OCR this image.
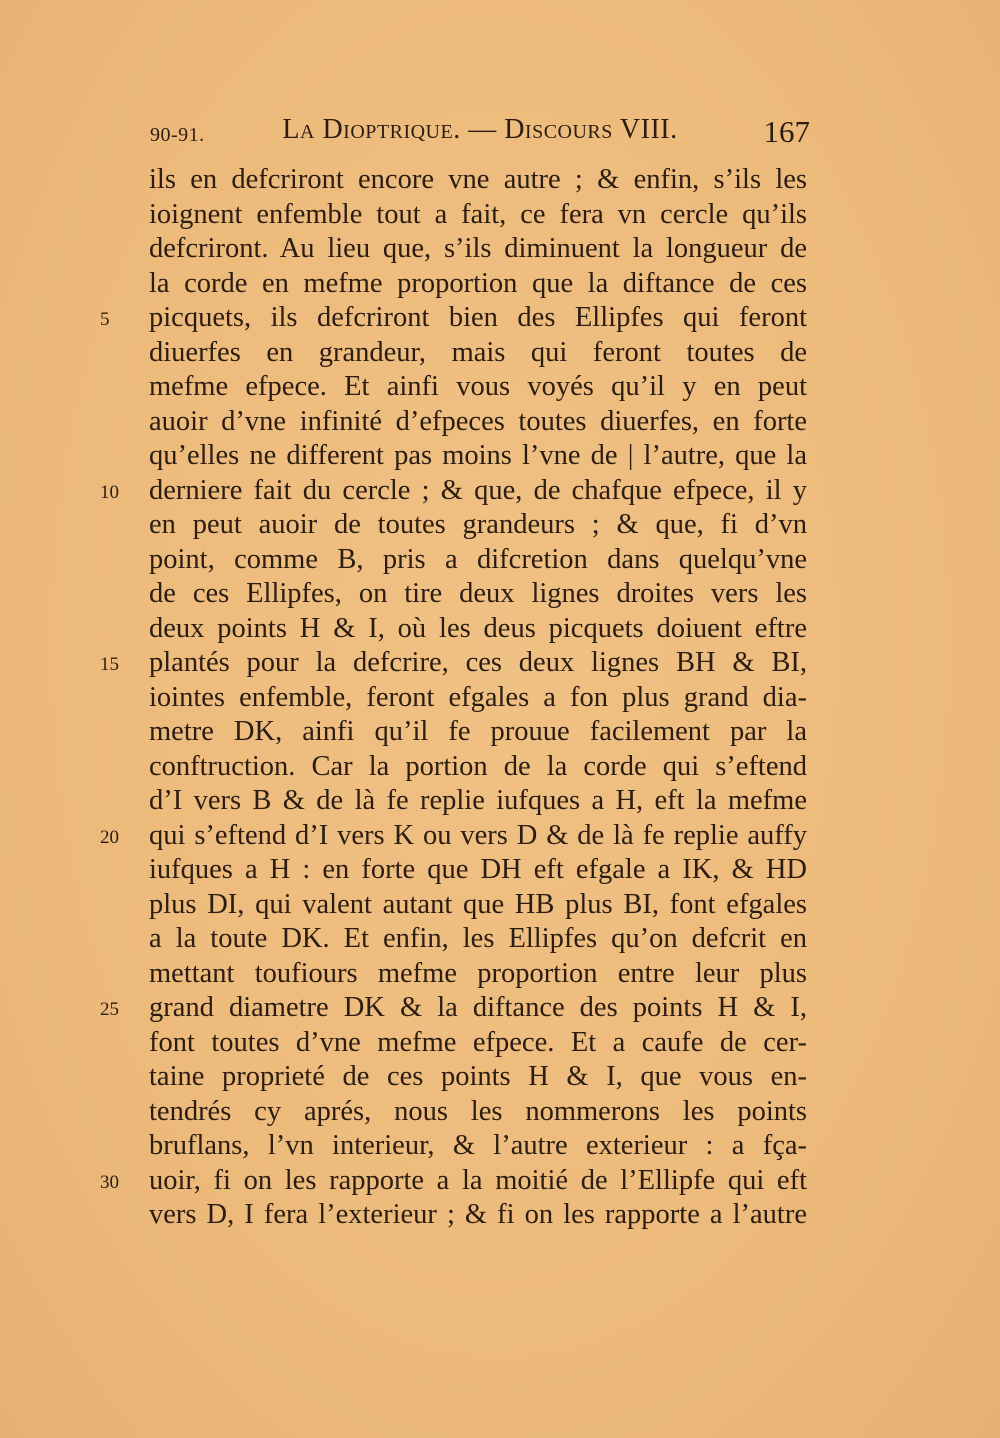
90-91.	La Dioptrique. — Discours VIII.	167
ils en defcriront encore vne autre ; & enfin, s’ils les
ioignent enfemble tout a fait, ce fera vn cercle qu’ils
defcriront. Au lieu que, s’ils diminuent la longueur de
la corde en mefme proportion que la diftance de ces
5	picquets, ils defcriront bien des Ellipfes qui feront
diuerfes en grandeur, mais qui feront toutes de
mefme efpece. Et ainfi vous voyés qu’il y en peut
auoir d’vne infinité d’efpeces toutes diuerfes, en forte
qu’elles ne different pas moins l’vne de | l’autre, que la
10	derniere fait du cercle ; & que, de chafque efpece, il y
en peut auoir de toutes grandeurs ; & que, fi d’vn
point, comme B, pris a difcretion dans quelqu’vne
de ces Ellipfes, on tire deux lignes droites vers les
deux points H & I, où les deus picquets doiuent eftre
15	plantés pour la defcrire, ces deux lignes BH & BI,
iointes enfemble, feront efgales a fon plus grand dia-
metre DK, ainfi qu’il fe prouue facilement par la
conftruction. Car la portion de la corde qui s’eftend
d’I vers B & de là fe replie iufques a H, eft la mefme
20	qui s’eftend d’I vers K ou vers D & de là fe replie auffy
iufques a H : en forte que DH eft efgale a IK, & HD
plus DI, qui valent autant que HB plus BI, font efgales
a la toute DK. Et enfin, les Ellipfes qu’on defcrit en
mettant toufiours mefme proportion entre leur plus
25	grand diametre DK & la diftance des points H & I,
font toutes d’vne mefme efpece. Et a caufe de cer-
taine proprieté de ces points H & I, que vous en-
tendrés cy aprés, nous les nommerons les points
bruflans, l’vn interieur, & l’autre exterieur : a fça-
30	uoir, fi on les rapporte a la moitié de l’Ellipfe qui eft
vers D, I fera l’exterieur ; & fi on les rapporte a l’autre
